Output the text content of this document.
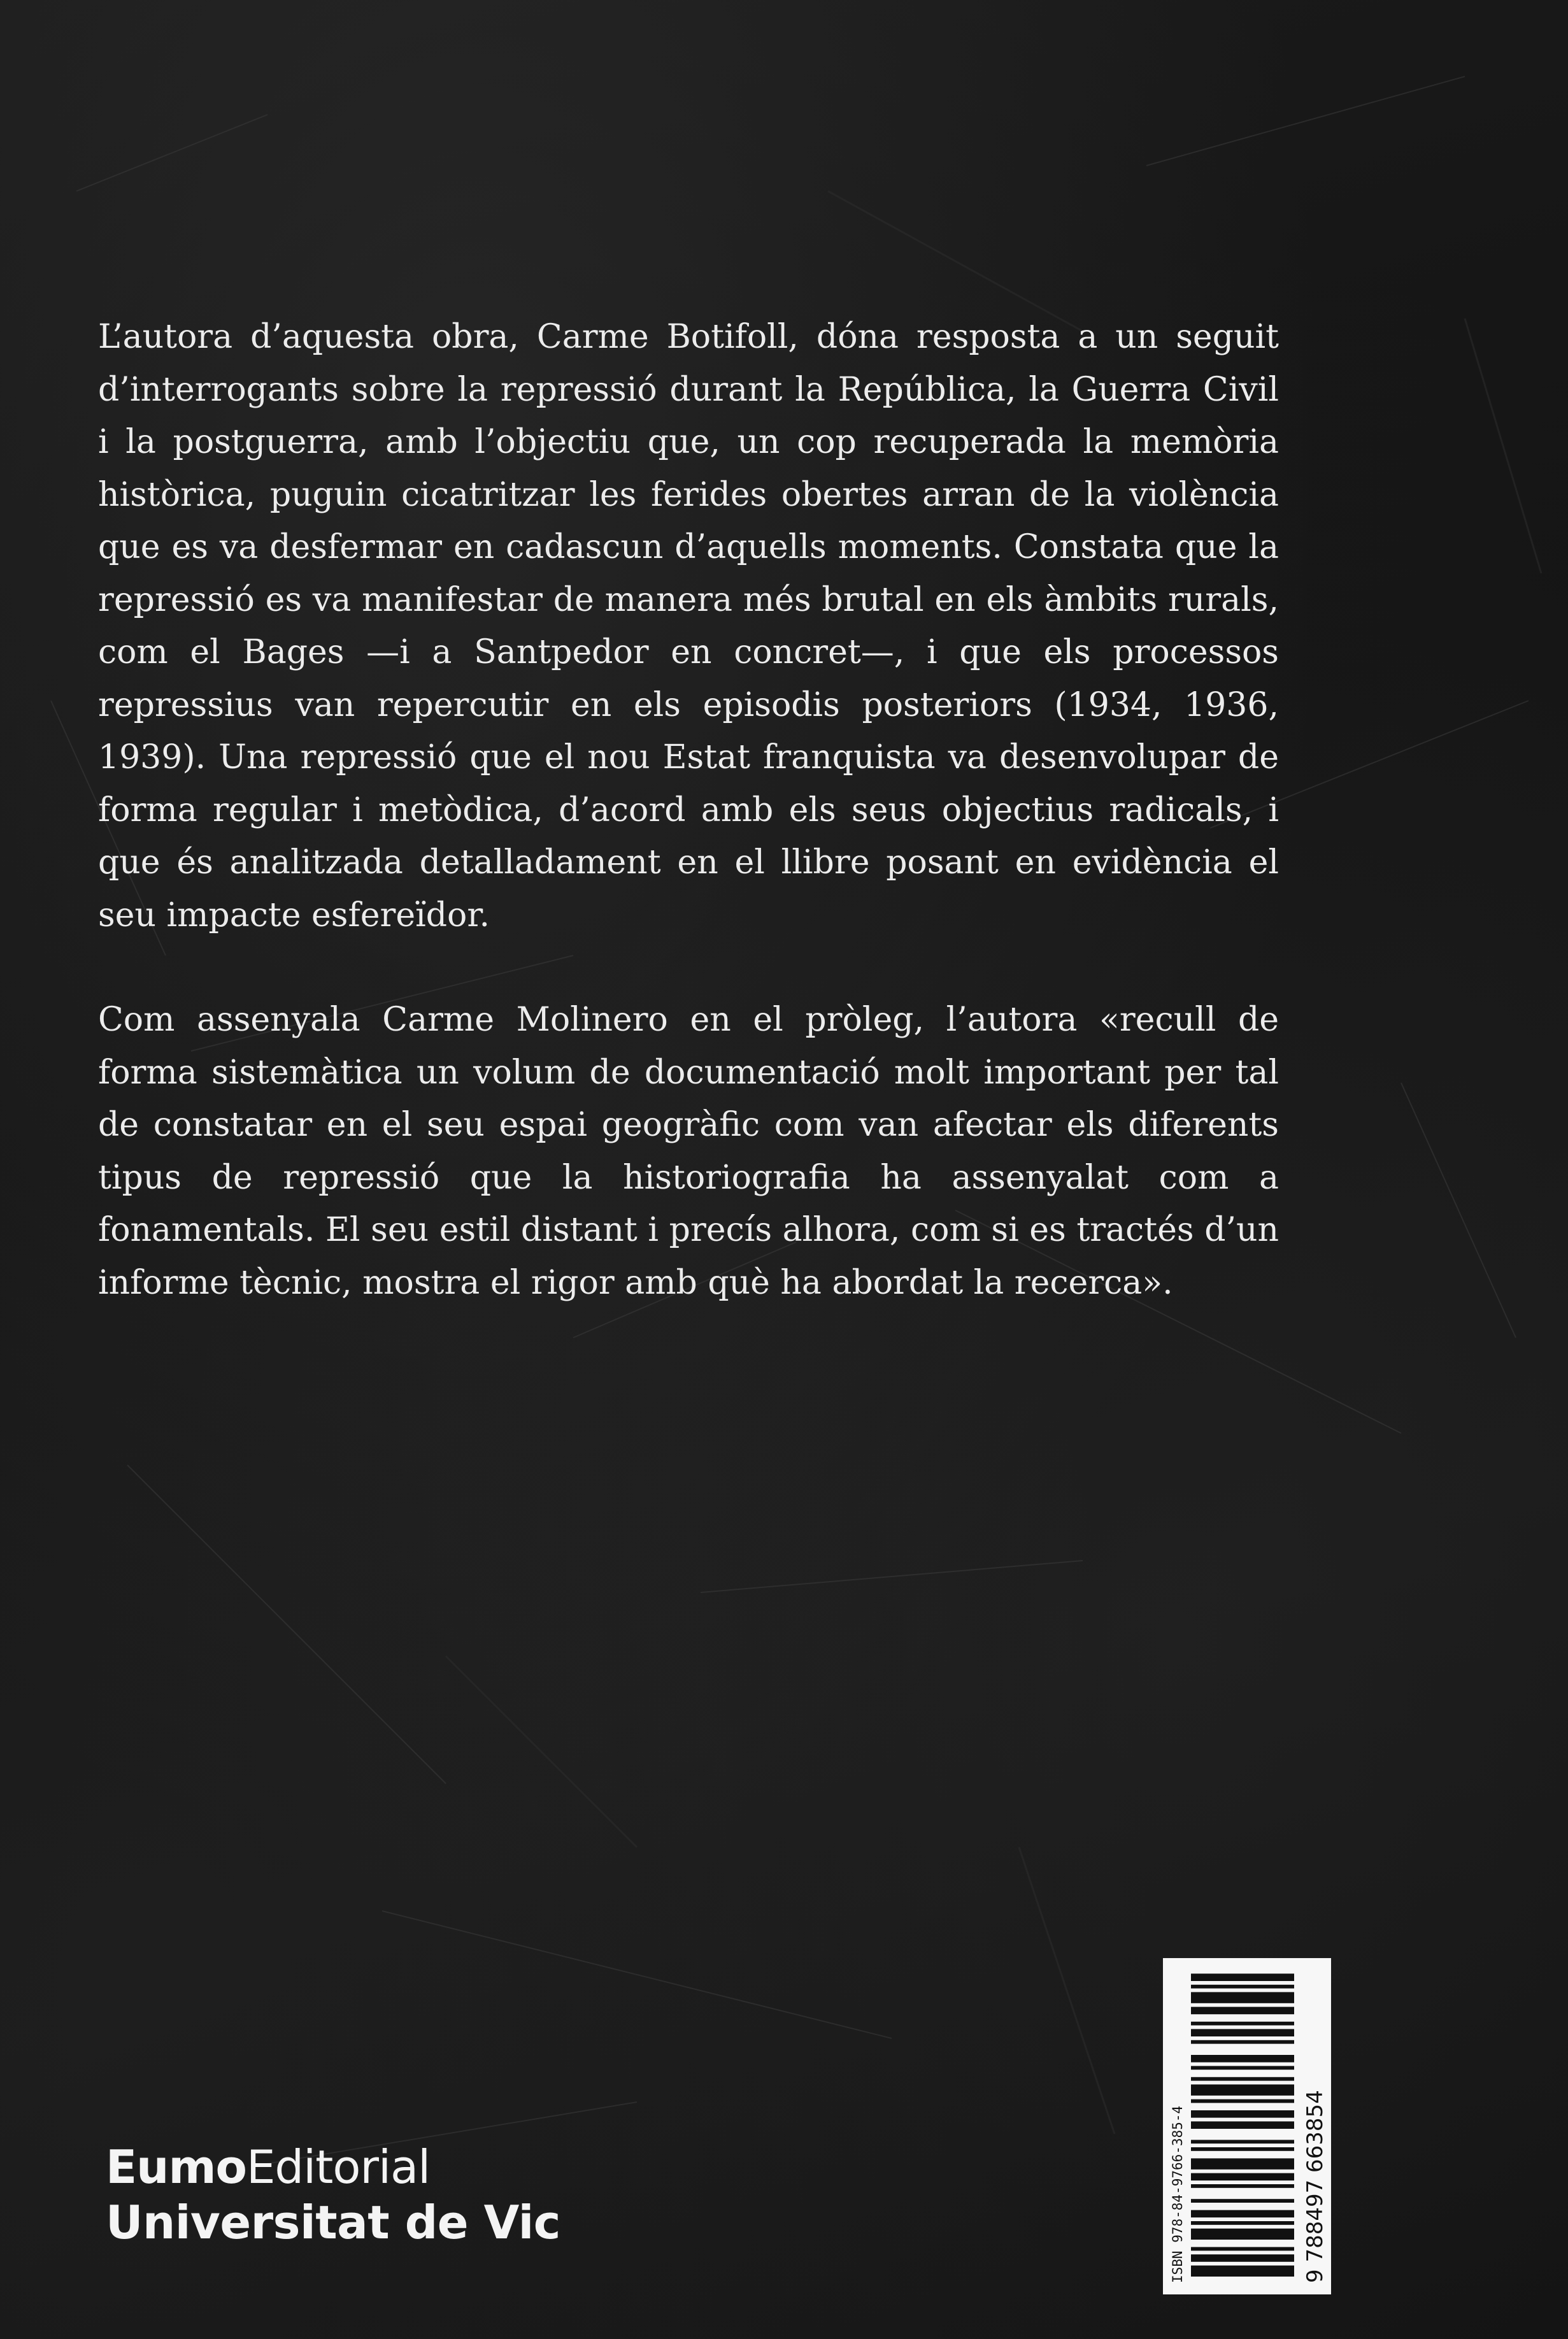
L’autora d’aquesta obra, Carme Botifoll, dóna resposta a un seguit d’interrogants sobre la repressió durant la República, la Guerra Civil i la postguerra, amb l’objectiu que, un cop recuperada la memòria històrica, puguin cicatritzar les ferides obertes arran de la violència que es va desfermar en cadascun d’aquells moments. Constata que la repressió es va manifestar de manera més brutal en els àmbits rurals, com el Bages —i a Santpedor en concret—, i que els processos repressius van repercutir en els episodis posteriors (1934, 1936, 1939). Una repressió que el nou Estat franquista va desenvolupar de forma regular i metòdica, d’acord amb els seus objectius radicals, i que és analitzada detalladament en el llibre posant en evidència el seu impacte esfereïdor.

Com assenyala Carme Molinero en el pròleg, l’autora «recull de forma sistemàtica un volum de documentació molt important per tal de constatar en el seu espai geogràfic com van afectar els diferents tipus de repressió que la historiografia ha assenyalat com a fonamentals. El seu estil distant i precís alhora, com si es tractés d’un informe tècnic, mostra el rigor amb què ha abordat la recerca».

EumoEditorial
Universitat de Vic	ISBN 978-84-9766-385-4	9 788497 663854
